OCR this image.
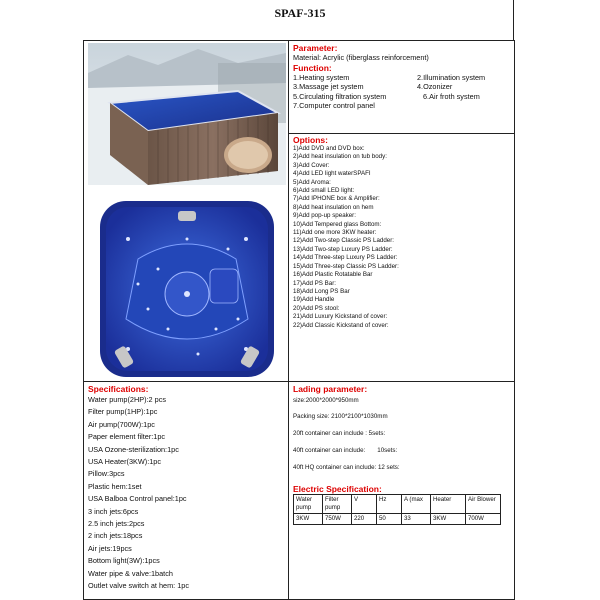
SPAF-315
Parameter:
Material: Acrylic (fiberglass reinforcement)
Function:
1.Heating system	2.Illumination system
3.Massage jet system	4.Ozonizer
5.Circulating filtration system	6.Air froth system
7.Computer control panel
Options:
1)Add DVD and DVD box:
2)Add heat insulation on tub body:
3)Add Cover:
4)Add LED light waterSPAFI
5)Add Aroma:
6)Add small LED light:
7)Add IPHONE box & Amplifier:
8)Add heat insulation on hem
9)Add pop-up speaker:
10)Add Tempered glass Bottom:
11)Add one more 3KW heater:
12)Add Two-step Classic PS Ladder:
13)Add Two-step Luxury PS Ladder:
14)Add Three-step Luxury PS Ladder:
15)Add Three-step Classic PS Ladder:
16)Add Plastic Rotatable Bar
17)Add PS Bar:
18)Add Long PS Bar
19)Add Handle
20)Add PS stool:
21)Add Luxury Kickstand of cover:
22)Add Classic Kickstand of cover:
Specifications:
Water pump(2HP):2 pcs
Filter pump(1HP):1pc
Air pump(700W):1pc
Paper element filter:1pc
USA Ozone-sterilization:1pc
USA Heater(3KW):1pc
Pillow:3pcs
Plastic hem:1set
USA Balboa Control panel:1pc
3 inch jets:6pcs
2.5 inch jets:2pcs
2 inch jets:18pcs
Air jets:19pcs
Bottom light(3W):1pcs
Water pipe & valve:1batch
Outlet valve switch at hem: 1pc
Lading parameter:
size:2000*2000*950mm
Packing size: 2100*2100*1030mm
20ft container can include : 5sets:
40ft container can include:       10sets:
40ft HQ container can include: 12 sets:
Electric Specification:
Water pump	Filter pump	V	Hz	A (max	Heater	Air Blower
3KW	750W	220	50	33	3KW	700W
